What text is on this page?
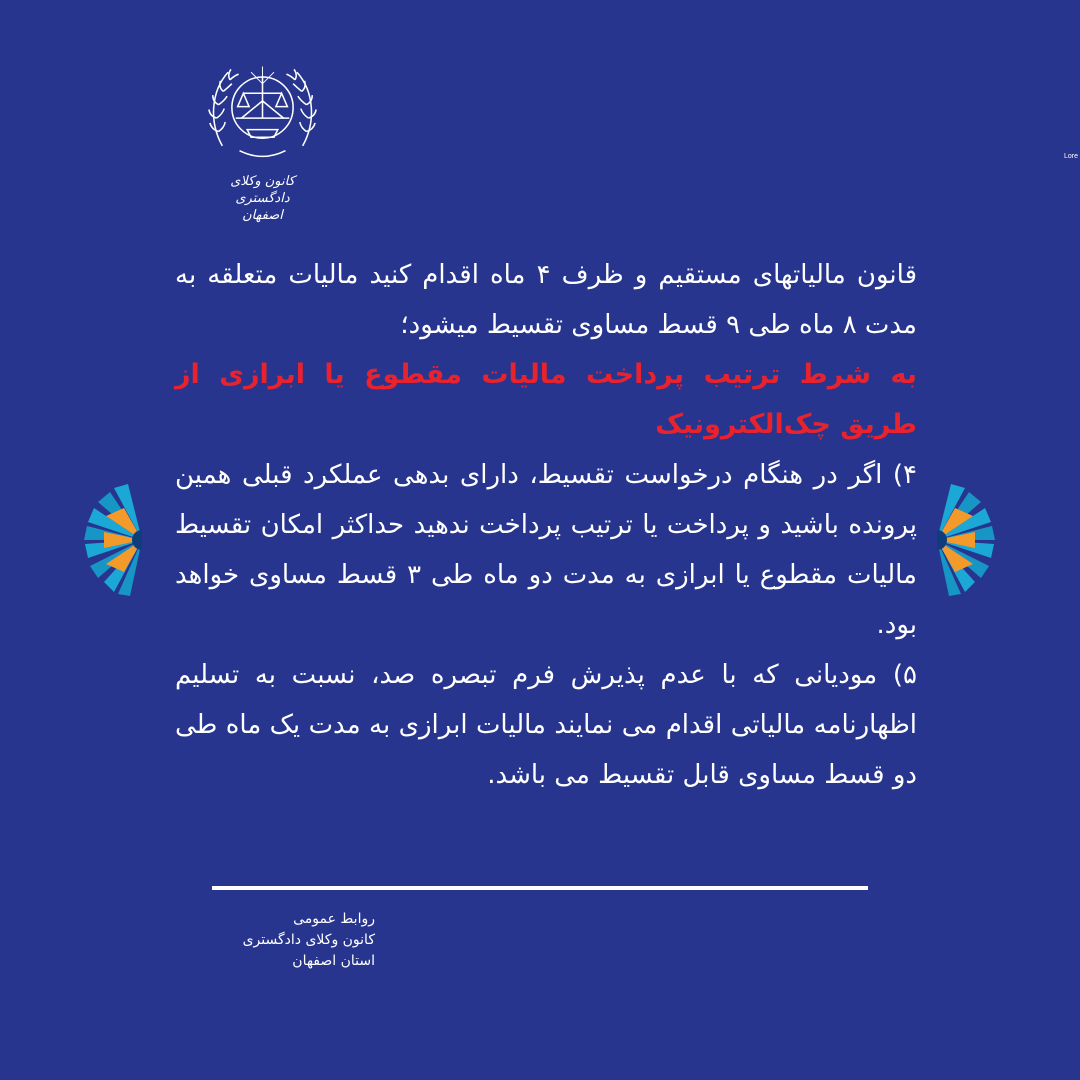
کانون وکلای دادگستری
اصفهان
Lore

قانون مالیاتهای مستقیم و ظرف ۴ ماه اقدام کنید مالیات متعلقه به مدت ۸ ماه طی ۹ قسط مساوی تقسیط میشود؛

به شرط ترتیب پرداخت مالیات مقطوع یا ابرازی از طریق چک‌الکترونیک

۴) اگر در هنگام درخواست تقسیط، دارای بدهی عملکرد قبلی همین پرونده باشید و پرداخت یا ترتیب پرداخت ندهید حداکثر امکان تقسیط مالیات مقطوع یا ابرازی به مدت دو ماه طی ۳ قسط مساوی خواهد بود.

۵) مودیانی که با عدم پذیرش فرم تبصره صد، نسبت به تسلیم اظهارنامه مالیاتی اقدام می نمایند مالیات ابرازی به مدت یک ماه طی دو قسط مساوی قابل تقسیط می باشد.

روابط عمومی
کانون وکلای دادگستری
استان اصفهان
